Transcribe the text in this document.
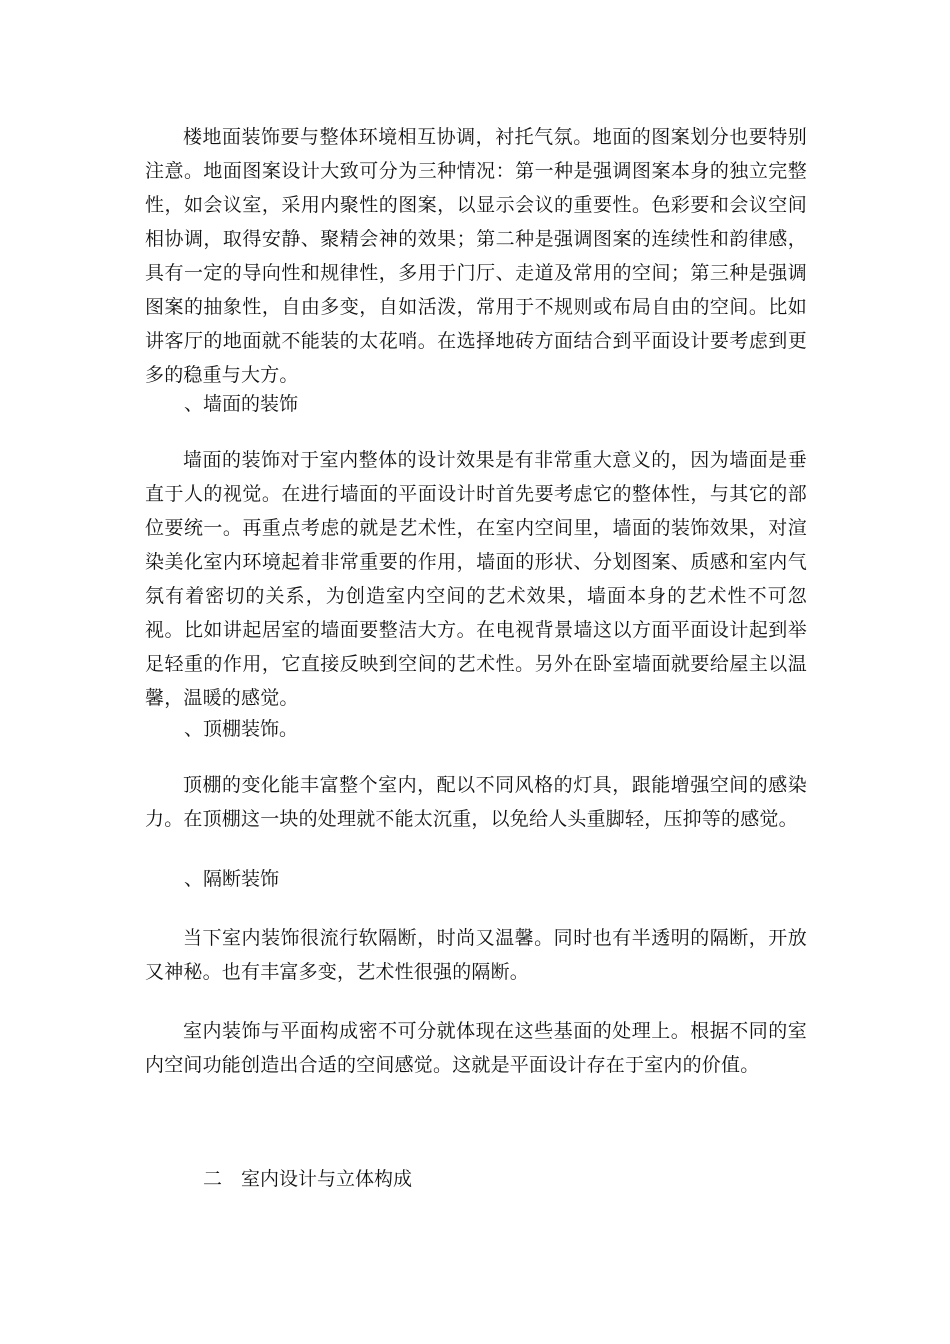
楼地面装饰要与整体环境相互协调，衬托气氛。地面的图案划分也要特别注意。地面图案设计大致可分为三种情况：第一种是强调图案本身的独立完整性，如会议室，采用内聚性的图案，以显示会议的重要性。色彩要和会议空间相协调，取得安静、聚精会神的效果；第二种是强调图案的连续性和韵律感，具有一定的导向性和规律性，多用于门厅、走道及常用的空间；第三种是强调图案的抽象性，自由多变，自如活泼，常用于不规则或布局自由的空间。比如讲客厅的地面就不能装的太花哨。在选择地砖方面结合到平面设计要考虑到更多的稳重与大方。

、墙面的装饰

墙面的装饰对于室内整体的设计效果是有非常重大意义的，因为墙面是垂直于人的视觉。在进行墙面的平面设计时首先要考虑它的整体性，与其它的部位要统一。再重点考虑的就是艺术性，在室内空间里，墙面的装饰效果，对渲染美化室内环境起着非常重要的作用，墙面的形状、分划图案、质感和室内气氛有着密切的关系，为创造室内空间的艺术效果，墙面本身的艺术性不可忽视。比如讲起居室的墙面要整洁大方。在电视背景墙这以方面平面设计起到举足轻重的作用，它直接反映到空间的艺术性。另外在卧室墙面就要给屋主以温馨，温暖的感觉。

、顶棚装饰。

顶棚的变化能丰富整个室内，配以不同风格的灯具，跟能增强空间的感染力。在顶棚这一块的处理就不能太沉重，以免给人头重脚轻，压抑等的感觉。

、隔断装饰

当下室内装饰很流行软隔断，时尚又温馨。同时也有半透明的隔断，开放又神秘。也有丰富多变，艺术性很强的隔断。

室内装饰与平面构成密不可分就体现在这些基面的处理上。根据不同的室内空间功能创造出合适的空间感觉。这就是平面设计存在于室内的价值。

二 室内设计与立体构成
